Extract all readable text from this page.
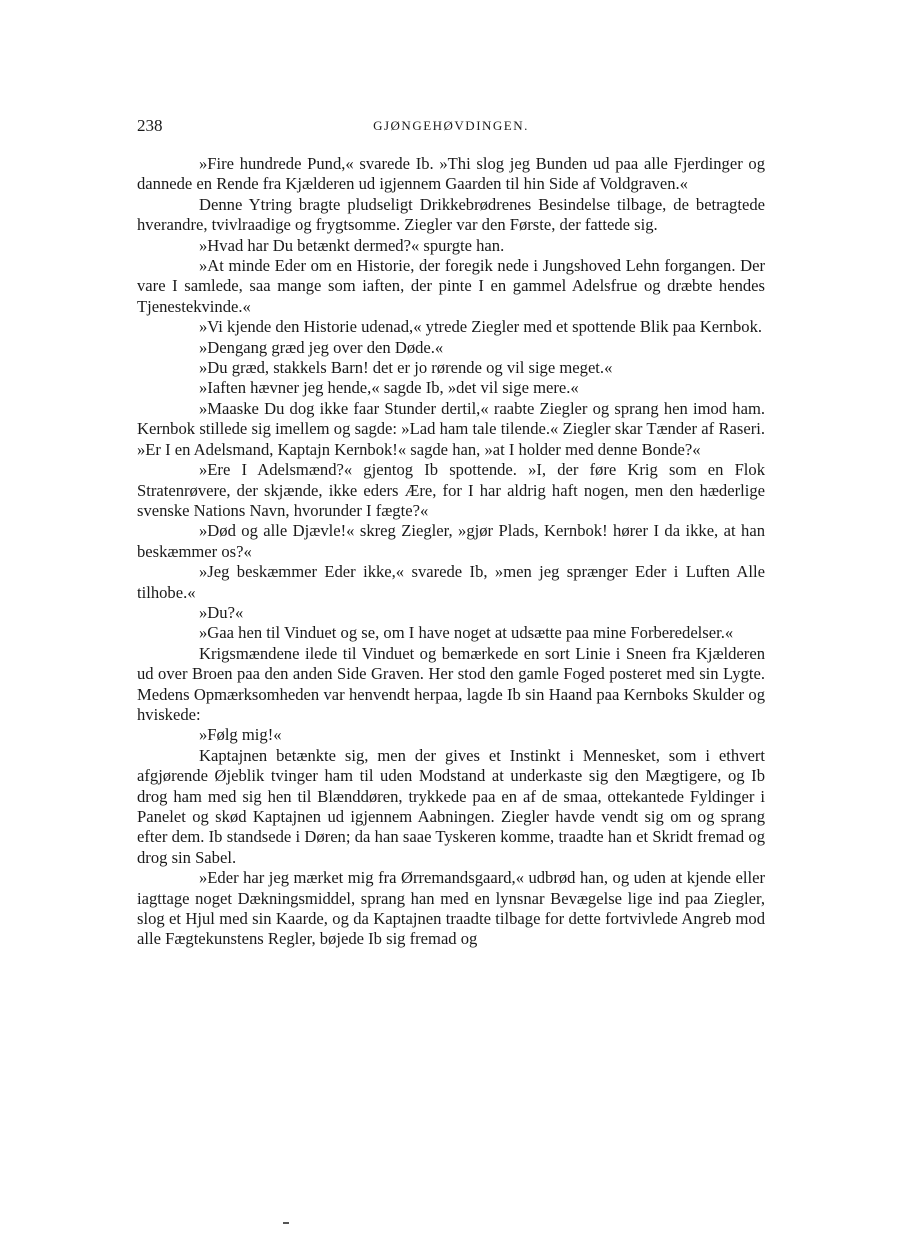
238	GJØNGEHØVDINGEN.

»Fire hundrede Pund,« svarede Ib. »Thi slog jeg Bunden ud paa alle Fjerdinger og dannede en Rende fra Kjælderen ud igjennem Gaarden til hin Side af Voldgraven.«

Denne Ytring bragte pludseligt Drikkebrødrenes Besindelse tilbage, de betragtede hverandre, tvivlraadige og frygtsomme. Ziegler var den Første, der fattede sig.

»Hvad har Du betænkt dermed?« spurgte han.

»At minde Eder om en Historie, der foregik nede i Jungshoved Lehn forgangen. Der vare I samlede, saa mange som iaften, der pinte I en gammel Adelsfrue og dræbte hendes Tjenestekvinde.«

»Vi kjende den Historie udenad,« ytrede Ziegler med et spottende Blik paa Kernbok.

»Dengang græd jeg over den Døde.«

»Du græd, stakkels Barn! det er jo rørende og vil sige meget.«

»Iaften hævner jeg hende,« sagde Ib, »det vil sige mere.«

»Maaske Du dog ikke faar Stunder dertil,« raabte Ziegler og sprang hen imod ham. Kernbok stillede sig imellem og sagde: »Lad ham tale tilende.« Ziegler skar Tænder af Raseri. »Er I en Adelsmand, Kaptajn Kernbok!« sagde han, »at I holder med denne Bonde?«

»Ere I Adelsmænd?« gjentog Ib spottende. »I, der føre Krig som en Flok Stratenrøvere, der skjænde, ikke eders Ære, for I har aldrig haft nogen, men den hæderlige svenske Nations Navn, hvorunder I fægte?«

»Død og alle Djævle!« skreg Ziegler, »gjør Plads, Kernbok! hører I da ikke, at han beskæmmer os?«

»Jeg beskæmmer Eder ikke,« svarede Ib, »men jeg sprænger Eder i Luften Alle tilhobe.«

»Du?«

»Gaa hen til Vinduet og se, om I have noget at udsætte paa mine Forberedelser.«

Krigsmændene ilede til Vinduet og bemærkede en sort Linie i Sneen fra Kjælderen ud over Broen paa den anden Side Graven. Her stod den gamle Foged posteret med sin Lygte. Medens Opmærksomheden var henvendt herpaa, lagde Ib sin Haand paa Kernboks Skulder og hviskede:

»Følg mig!«

Kaptajnen betænkte sig, men der gives et Instinkt i Mennesket, som i ethvert afgjørende Øjeblik tvinger ham til uden Modstand at underkaste sig den Mægtigere, og Ib drog ham med sig hen til Blænddøren, trykkede paa en af de smaa, ottekantede Fyldinger i Panelet og skød Kaptajnen ud igjennem Aabningen. Ziegler havde vendt sig om og sprang efter dem. Ib standsede i Døren; da han saae Tyskeren komme, traadte han et Skridt fremad og drog sin Sabel.

»Eder har jeg mærket mig fra Ørremandsgaard,« udbrød han, og uden at kjende eller iagttage noget Dækningsmiddel, sprang han med en lynsnar Bevægelse lige ind paa Ziegler, slog et Hjul med sin Kaarde, og da Kaptajnen traadte tilbage for dette fortvivlede Angreb mod alle Fægtekunstens Regler, bøjede Ib sig fremad og
